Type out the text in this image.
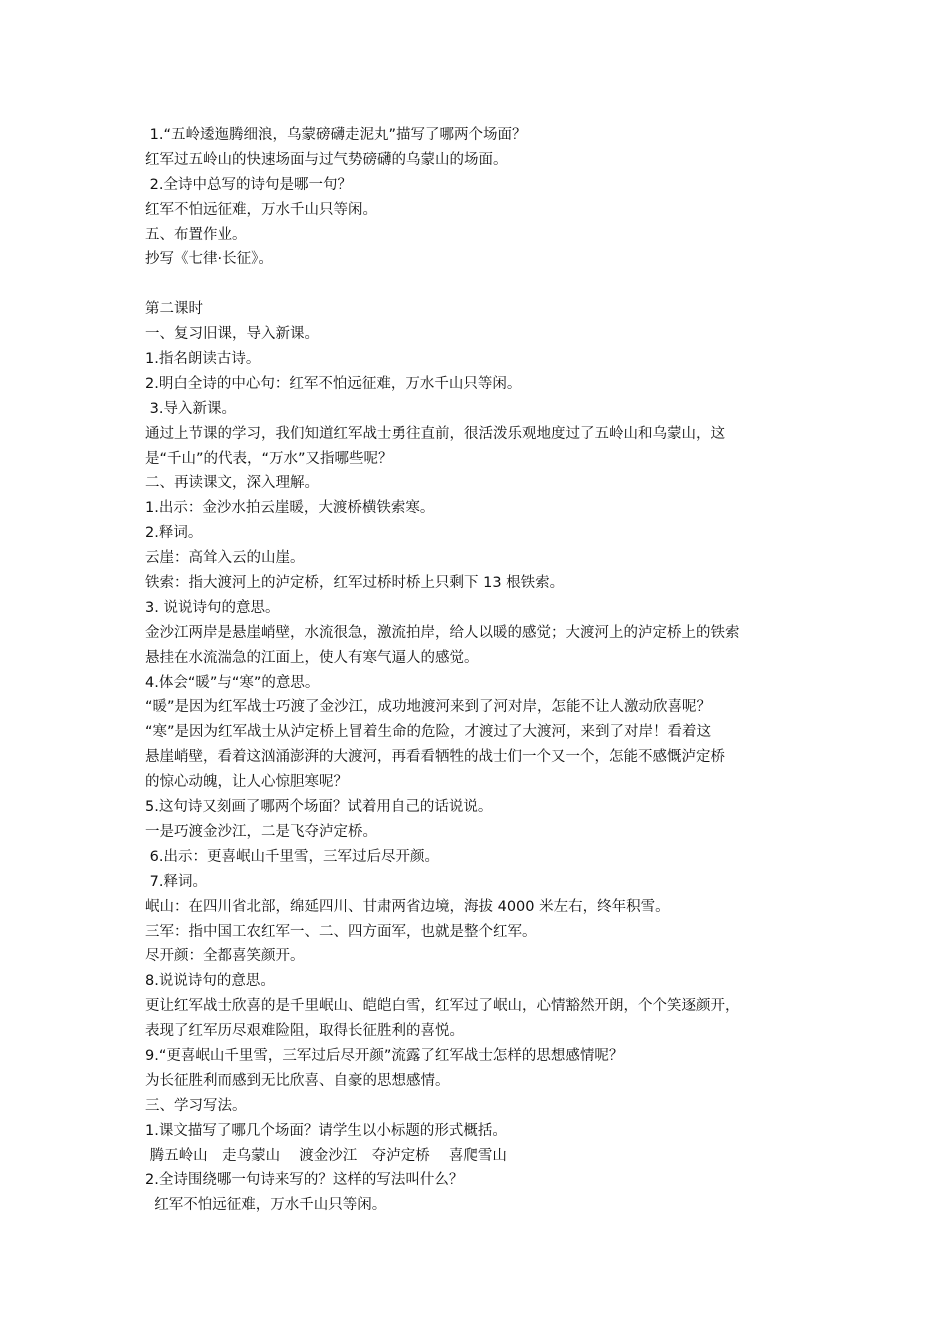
1.“五岭逶迤腾细浪，乌蒙磅礴走泥丸”描写了哪两个场面？
红军过五岭山的快速场面与过气势磅礴的乌蒙山的场面。
2.全诗中总写的诗句是哪一句？
红军不怕远征难，万水千山只等闲。
五、布置作业。
抄写《七律·长征》。
第二课时
一、复习旧课，导入新课。
1.指名朗读古诗。
2.明白全诗的中心句：红军不怕远征难，万水千山只等闲。
3.导入新课。
通过上节课的学习，我们知道红军战士勇往直前，很活泼乐观地度过了五岭山和乌蒙山，这
是“千山”的代表，“万水”又指哪些呢？
二、再读课文，深入理解。
1.出示：金沙水拍云崖暖，大渡桥横铁索寒。
2.释词。
云崖：高耸入云的山崖。
铁索：指大渡河上的泸定桥，红军过桥时桥上只剩下 13 根铁索。
3. 说说诗句的意思。
金沙江两岸是悬崖峭壁，水流很急，激流拍岸，给人以暖的感觉；大渡河上的泸定桥上的铁索
悬挂在水流湍急的江面上，使人有寒气逼人的感觉。
4.体会“暖”与“寒”的意思。
“暖”是因为红军战士巧渡了金沙江，成功地渡河来到了河对岸，怎能不让人激动欣喜呢？
“寒”是因为红军战士从泸定桥上冒着生命的危险，才渡过了大渡河，来到了对岸！看着这
悬崖峭壁，看着这汹涌澎湃的大渡河，再看看牺牲的战士们一个又一个，怎能不感慨泸定桥
的惊心动魄，让人心惊胆寒呢？
5.这句诗又刻画了哪两个场面？试着用自己的话说说。
一是巧渡金沙江，二是飞夺泸定桥。
6.出示：更喜岷山千里雪，三军过后尽开颜。
7.释词。
岷山：在四川省北部，绵延四川、甘肃两省边境，海拔 4000 米左右，终年积雪。
三军：指中国工农红军一、二、四方面军，也就是整个红军。
尽开颜：全都喜笑颜开。
8.说说诗句的意思。
更让红军战士欣喜的是千里岷山、皑皑白雪，红军过了岷山，心情豁然开朗，个个笑逐颜开，
表现了红军历尽艰难险阻，取得长征胜利的喜悦。
9.“更喜岷山千里雪，三军过后尽开颜”流露了红军战士怎样的思想感情呢？
为长征胜利而感到无比欣喜、自豪的思想感情。
三、学习写法。
1.课文描写了哪几个场面？请学生以小标题的形式概括。
腾五岭山　走乌蒙山　 渡金沙江　夺泸定桥 　喜爬雪山
2.全诗围绕哪一句诗来写的？这样的写法叫什么？
红军不怕远征难，万水千山只等闲。
